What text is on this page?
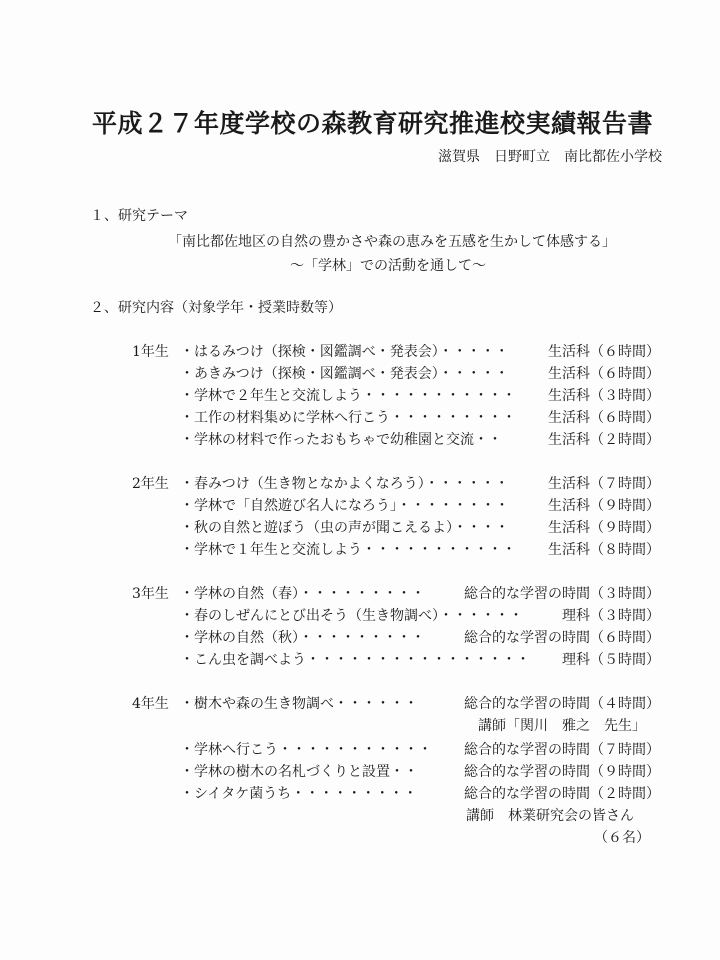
平成２７年度学校の森教育研究推進校実績報告書
滋賀県　日野町立　南比都佐小学校
１、研究テーマ
「南比都佐地区の自然の豊かさや森の恵みを五感を生かして体感する」
～「学林」での活動を通して～
２、研究内容（対象学年・授業時数等）
1年生 ・はるみつけ（探検・図鑑調べ・発表会）・・・・・	生活科（６時間）
・あきみつけ（探検・図鑑調べ・発表会）・・・・・	生活科（６時間）
・学林で２年生と交流しよう・・・・・・・・・・・ 生活科（３時間）
・工作の材料集めに学林へ行こう・・・・・・・・・ 生活科（６時間）
・学林の材料で作ったおもちゃで幼稚園と交流・・	生活科（２時間）
2年生 ・春みつけ（生き物となかよくなろう）・・・・・・	生活科（７時間）
・学林で「自然遊び名人になろう」・・・・・・・・	生活科（９時間）
・秋の自然と遊ぼう（虫の声が聞こえるよ）・・・・	生活科（９時間）
・学林で１年生と交流しよう・・・・・・・・・・・ 生活科（８時間）
3年生 ・学林の自然（春）・・・・・・・・・	総合的な学習の時間（３時間）
・春のしぜんにとび出そう（生き物調べ）・・・・・・	理科（３時間）
・学林の自然（秋）・・・・・・・・・	総合的な学習の時間（６時間）
・こん虫を調べよう・・・・・・・・・・・・・・・・ 理科（５時間）
4年生 ・樹木や森の生き物調べ・・・・・・	総合的な学習の時間（４時間）
講師「関川　雅之　先生」
・学林へ行こう・・・・・・・・・・・ 総合的な学習の時間（７時間）
・学林の樹木の名札づくりと設置・・	総合的な学習の時間（９時間）
・シイタケ菌うち・・・・・・・・・	総合的な学習の時間（２時間）
講師　林業研究会の皆さん
（６名）
